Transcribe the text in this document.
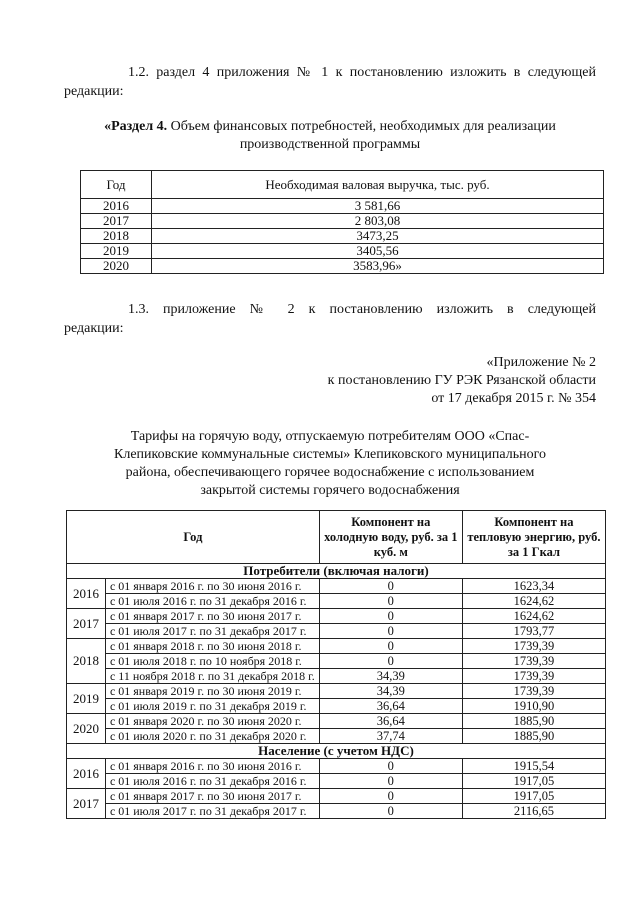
1.2. раздел 4 приложения № 1 к постановлению изложить в следующей
редакции:
«Раздел 4. Объем финансовых потребностей, необходимых для реализации
производственной программы
Год	Необходимая валовая выручка, тыс. руб.
2016	3 581,66
2017	2 803,08
2018	3473,25
2019	3405,56
2020	3583,96»
1.3. приложение № 2 к постановлению изложить в следующей
редакции:
«Приложение № 2
к постановлению ГУ РЭК Рязанской области
от 17 декабря 2015 г. № 354
Тарифы на горячую воду, отпускаемую потребителям ООО «Спас-
Клепиковские коммунальные системы» Клепиковского муниципального
района, обеспечивающего горячее водоснабжение с использованием
закрытой системы горячего водоснабжения
Год		Компонент на холодную воду, руб. за 1 куб. м	Компонент на тепловую энергию, руб. за 1 Гкал
Потребители (включая налоги)			
2016	с 01 января 2016 г. по 30 июня 2016 г.	0	1623,34
	с 01 июля 2016 г. по 31 декабря 2016 г.	0	1624,62
2017	с 01 января 2017 г. по 30 июня 2017 г.	0	1624,62
	с 01 июля 2017 г. по 31 декабря 2017 г.	0	1793,77
2018	с 01 января 2018 г. по 30 июня 2018 г.	0	1739,39
	с 01 июля 2018 г. по 10 ноября 2018 г.	0	1739,39
	с 11 ноября 2018 г. по 31 декабря 2018 г.	34,39	1739,39
2019	с 01 января 2019 г. по 30 июня 2019 г.	34,39	1739,39
	с 01 июля 2019 г. по 31 декабря 2019 г.	36,64	1910,90
2020	с 01 января 2020 г. по 30 июня 2020 г.	36,64	1885,90
	с 01 июля 2020 г. по 31 декабря 2020 г.	37,74	1885,90
Население (с учетом НДС)			
2016	с 01 января 2016 г. по 30 июня 2016 г.	0	1915,54
	с 01 июля 2016 г. по 31 декабря 2016 г.	0	1917,05
2017	с 01 января 2017 г. по 30 июня 2017 г.	0	1917,05
	с 01 июля 2017 г. по 31 декабря 2017 г.	0	2116,65
